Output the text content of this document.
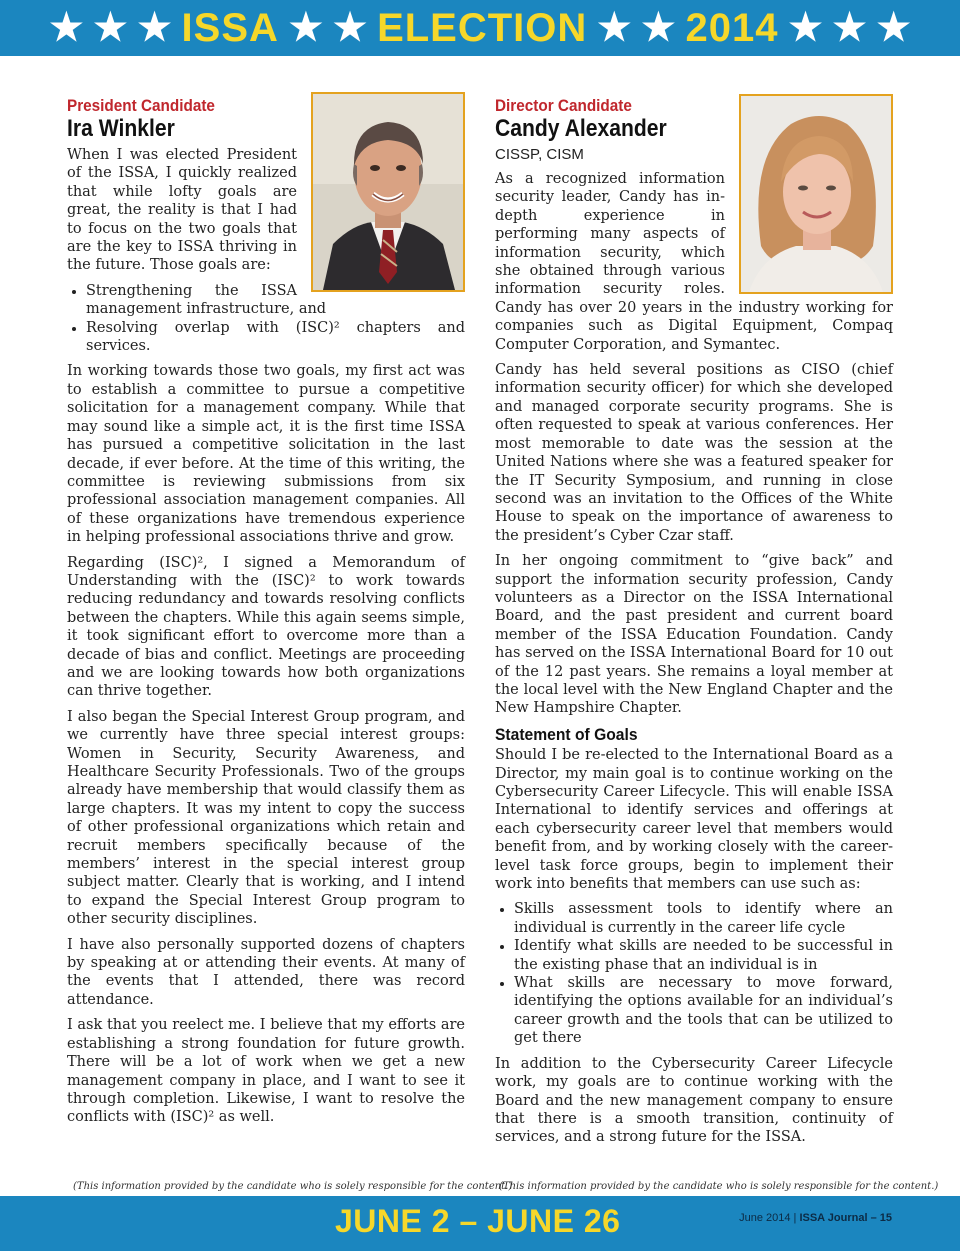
★ ★ ★ ISSA ★ ★ ELECTION ★ ★ 2014 ★ ★ ★
President Candidate
Ira Winkler

When I was elected President of the ISSA, I quickly realized that while lofty goals are great, the reality is that I had to focus on the two goals that are the key to ISSA thriving in the future. Those goals are:

• Strengthening the ISSA management infrastructure, and
• Resolving overlap with (ISC)² chapters and services.

In working towards those two goals, my first act was to establish a committee to pursue a competitive solicitation for a management company. While that may sound like a simple act, it is the first time ISSA has pursued a competitive solicitation in the last decade, if ever before. At the time of this writing, the committee is reviewing submissions from six professional association management companies. All of these organizations have tremendous experience in helping professional associations thrive and grow.

Regarding (ISC)², I signed a Memorandum of Understanding with the (ISC)² to work towards reducing redundancy and towards resolving conflicts between the chapters. While this again seems simple, it took significant effort to overcome more than a decade of bias and conflict. Meetings are proceeding and we are looking towards how both organizations can thrive together.

I also began the Special Interest Group program, and we currently have three special interest groups: Women in Security, Security Awareness, and Healthcare Security Professionals. Two of the groups already have membership that would classify them as large chapters. It was my intent to copy the success of other professional organizations which retain and recruit members specifically because of the members’ interest in the special interest group subject matter. Clearly that is working, and I intend to expand the Special Interest Group program to other security disciplines.

I have also personally supported dozens of chapters by speaking at or attending their events. At many of the events that I attended, there was record attendance.

I ask that you reelect me. I believe that my efforts are establishing a strong foundation for future growth. There will be a lot of work when we get a new management company in place, and I want to see it through completion. Likewise, I want to resolve the conflicts with (ISC)² as well.

Director Candidate
Candy Alexander
CISSP, CISM

As a recognized information security leader, Candy has in-depth experience in performing many aspects of information security, which she obtained through various information security roles. Candy has over 20 years in the industry working for companies such as Digital Equipment, Compaq Computer Corporation, and Symantec.

Candy has held several positions as CISO (chief information security officer) for which she developed and managed corporate security programs. She is often requested to speak at various conferences. Her most memorable to date was the session at the United Nations where she was a featured speaker for the IT Security Symposium, and running in close second was an invitation to the Offices of the White House to speak on the importance of awareness to the president’s Cyber Czar staff.

In her ongoing commitment to “give back” and support the information security profession, Candy volunteers as a Director on the ISSA International Board, and the past president and current board member of the ISSA Education Foundation. Candy has served on the ISSA International Board for 10 out of the 12 past years. She remains a loyal member at the local level with the New England Chapter and the New Hampshire Chapter.

Statement of Goals

Should I be re-elected to the International Board as a Director, my main goal is to continue working on the Cybersecurity Career Lifecycle. This will enable ISSA International to identify services and offerings at each cybersecurity career level that members would benefit from, and by working closely with the career-level task force groups, begin to implement their work into benefits that members can use such as:

• Skills assessment tools to identify where an individual is currently in the career life cycle
• Identify what skills are needed to be successful in the existing phase that an individual is in
• What skills are necessary to move forward, identifying the options available for an individual’s career growth and the tools that can be utilized to get there

In addition to the Cybersecurity Career Lifecycle work, my goals are to continue working with the Board and the new management company to ensure that there is a smooth transition, continuity of services, and a strong future for the ISSA.

(This information provided by the candidate who is solely responsible for the content.)
(This information provided by the candidate who is solely responsible for the content.)
JUNE 2 – JUNE 26	June 2014 | ISSA Journal – 15
